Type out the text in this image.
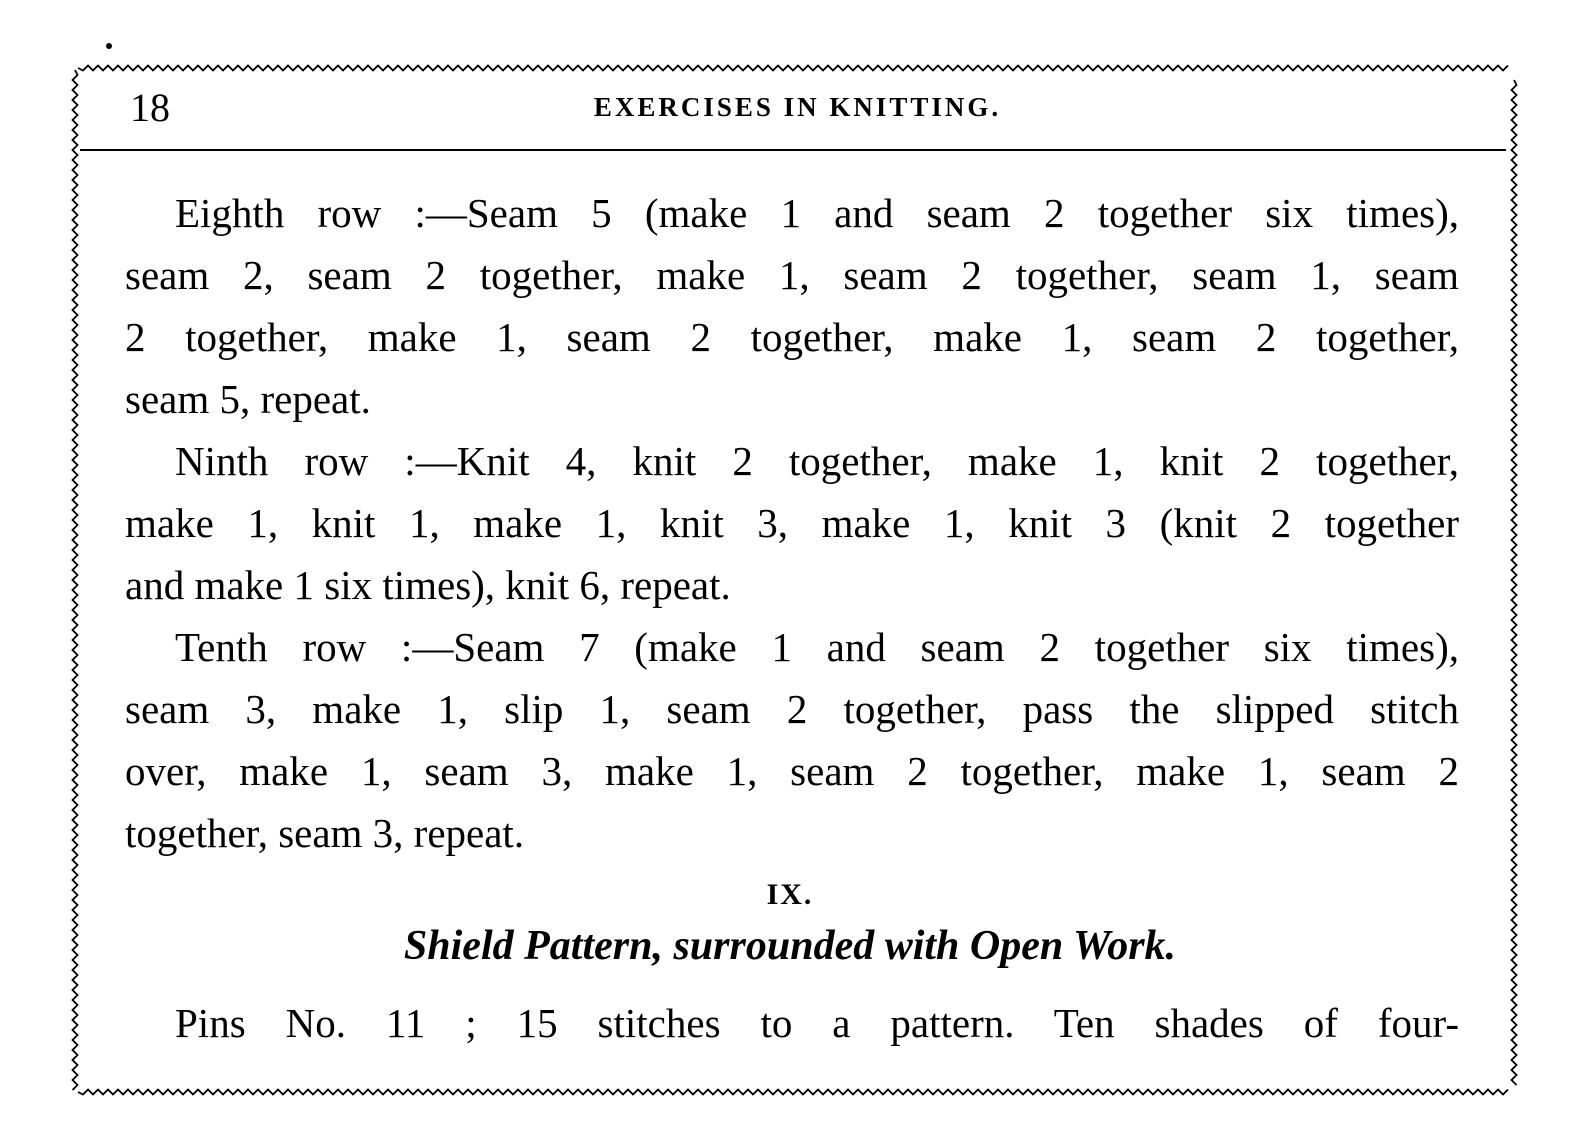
18	EXERCISES IN KNITTING.
Eighth row :—Seam 5 (make 1 and seam 2 together six times),
seam 2, seam 2 together, make 1, seam 2 together, seam 1, seam
2 together, make 1, seam 2 together, make 1, seam 2 together,
seam 5, repeat.
Ninth row :—Knit 4, knit 2 together, make 1, knit 2 together,
make 1, knit 1, make 1, knit 3, make 1, knit 3 (knit 2 together
and make 1 six times), knit 6, repeat.
Tenth row :—Seam 7 (make 1 and seam 2 together six times),
seam 3, make 1, slip 1, seam 2 together, pass the slipped stitch
over, make 1, seam 3, make 1, seam 2 together, make 1, seam 2
together, seam 3, repeat.
IX.
Shield Pattern, surrounded with Open Work.
Pins No. 11 ; 15 stitches to a pattern. Ten shades of four-
